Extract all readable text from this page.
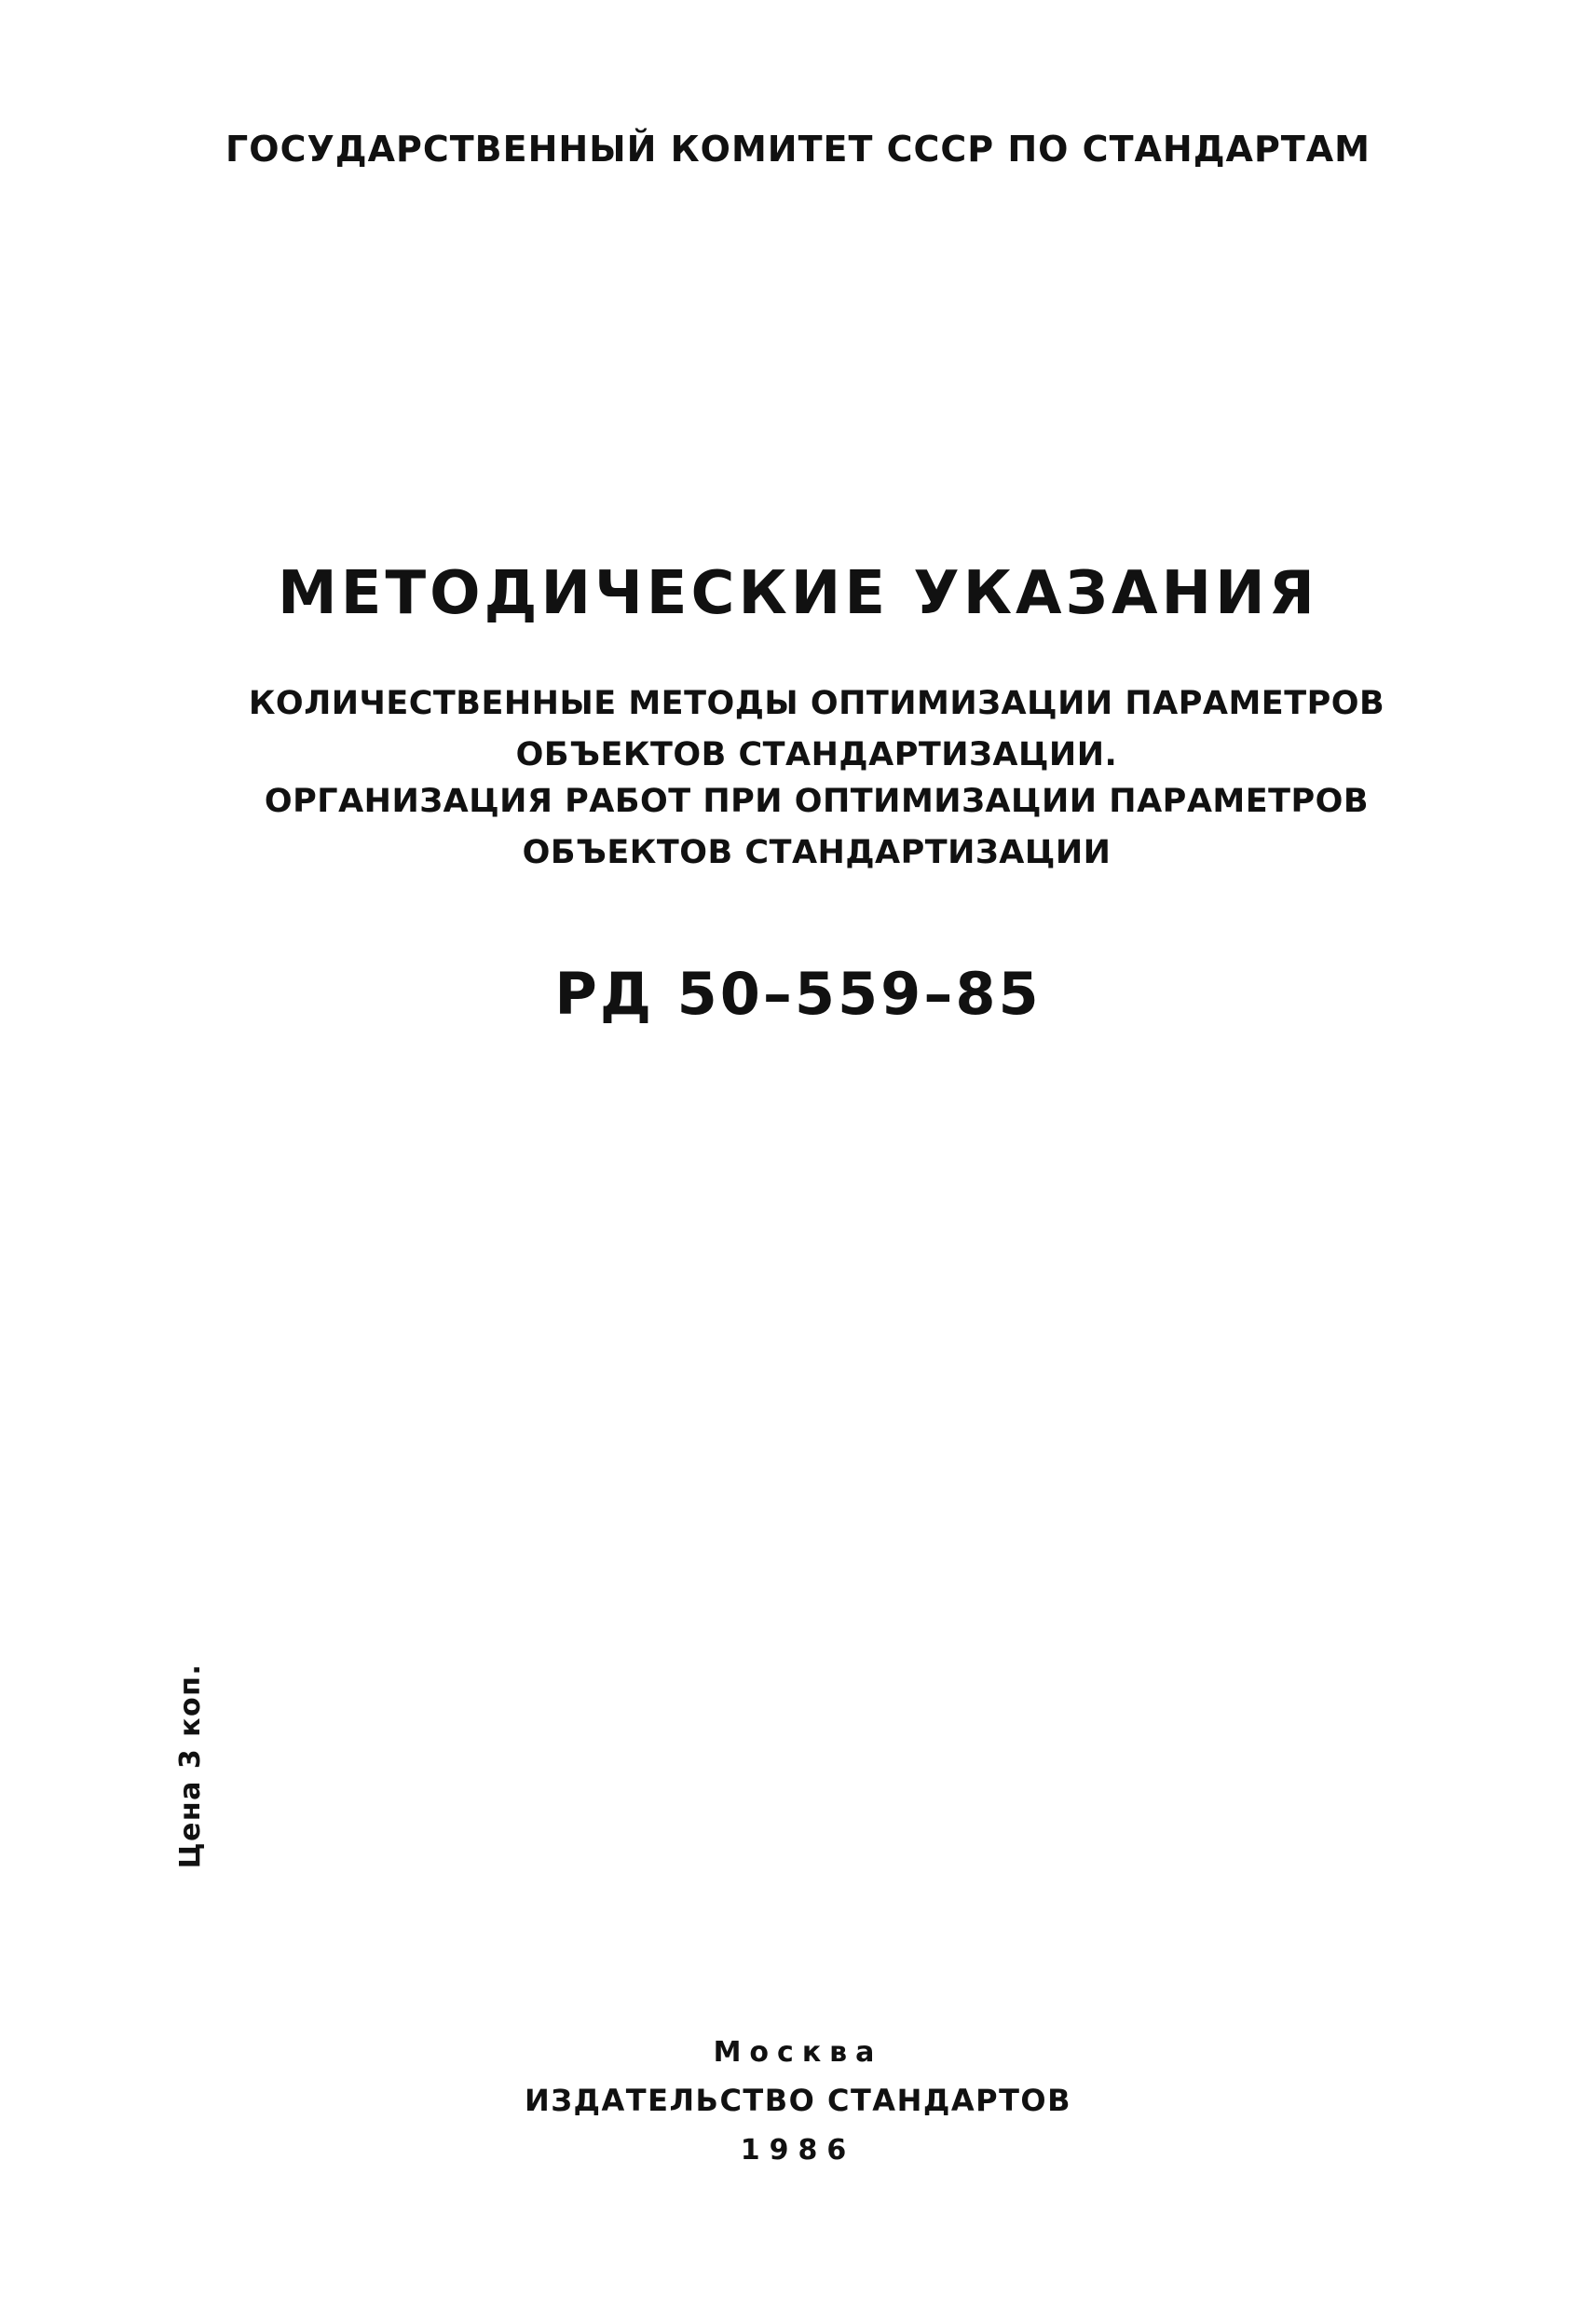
ГОСУДАРСТВЕННЫЙ КОМИТЕТ СССР ПО СТАНДАРТАМ

МЕТОДИЧЕСКИЕ УКАЗАНИЯ

КОЛИЧЕСТВЕННЫЕ МЕТОДЫ ОПТИМИЗАЦИИ ПАРАМЕТРОВ

ОБЪЕКТОВ СТАНДАРТИЗАЦИИ.

ОРГАНИЗАЦИЯ РАБОТ ПРИ ОПТИМИЗАЦИИ ПАРАМЕТРОВ

ОБЪЕКТОВ СТАНДАРТИЗАЦИИ

РД 50–559–85

Цена 3 коп.

Москва

ИЗДАТЕЛЬСТВО СТАНДАРТОВ

1986
